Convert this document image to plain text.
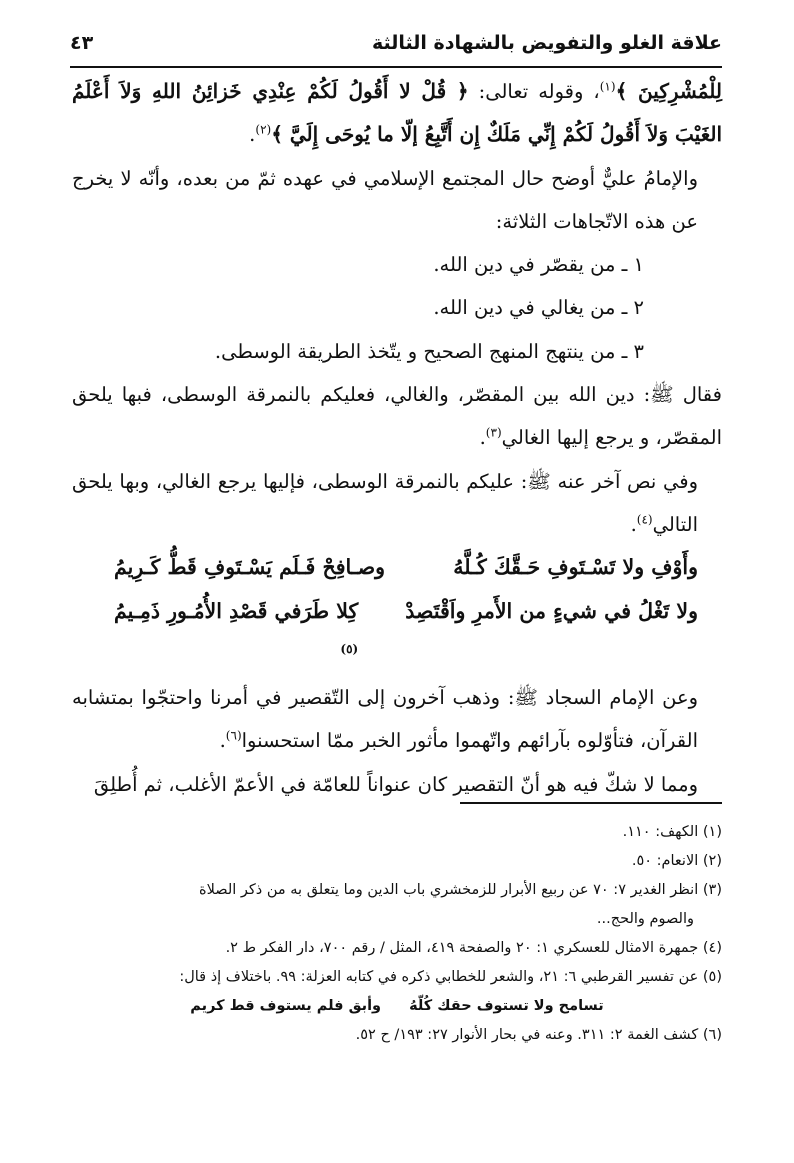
علاقة الغلو والتفويض بالشهادة الثالثة
٤٣

لِلْمُشْرِكِينَ ﴾$^{(١)}$، وقوله تعالى: ﴿ قُلْ لا أَقُولُ لَكُمْ عِنْدِي خَزائِنُ اللهِ وَلاَ أَعْلَمُ الغَيْبَ وَلاَ أَقُولُ لَكُمْ إِنِّي مَلَكٌ إِن أَتَّبِعُ إلّا ما يُوحَى إِلَيَّ ﴾$^{(٢)}$.

والإمامُ عليٌّ أوضح حال المجتمع الإسلامي في عهده ثمّ من بعده، وأنّه لا يخرج عن هذه الاتّجاهات الثلاثة:

١ ـ من يقصّر في دين الله.

٢ ـ من يغالي في دين الله.

٣ ـ من ينتهج المنهج الصحيح و يتّخذ الطريقة الوسطى.

فقال ﷺ: دين الله بين المقصّر، والغالي، فعليكم بالنمرقة الوسطى، فبها يلحق المقصّر، و يرجع إليها الغالي$^{(٣)}$.

وفي نص آخر عنه ﷺ: عليكم بالنمرقة الوسطى، فإليها يرجع الغالي، وبها يلحق التالي$^{(٤)}$.

وأَوْفِ ولا تَسْـتَوفِ حَـقَّكَ كُـلَّهُ
وصـافِحْ فَـلَم يَسْـتَوفِ قَطُّ كَـرِيمُ
ولا تَغْلُ في شيءٍ من الأَمرِ واَقْتَصِدْ
كِلا طَرَفي قَصْدِ الأُمُـورِ ذَمِـيمُ
$^{(٥)}$

وعن الإمام السجاد ﷺ: وذهب آخرون إلى التّقصير في أمرنا واحتجّوا بمتشابه القرآن، فتأوّلوه بآرائهم واتّهموا مأثور الخبر ممّا استحسنوا$^{(٦)}$.

ومما لا شكّ فيه هو أنّ التقصير كان عنواناً للعامّة في الأعمّ الأغلب، ثم أُطلِقَ

(١) الكهف: ١١٠.

(٢) الانعام: ٥٠.

(٣) انظر الغدير ٧: ٧٠ عن ربيع الأبرار للزمخشري باب الدين وما يتعلق به من ذكر الصلاة

والصوم والحج...

(٤) جمهرة الامثال للعسكري ١: ٢٠ والصفحة ٤١٩، المثل / رقم ٧٠٠، دار الفكر ط ٢.

(٥) عن تفسير القرطبي ٦: ٢١، والشعر للخطابي ذكره في كتابه العزلة: ٩٩. باختلاف إذ قال:

تسامح ولا تستوف حقك كُلّهُ
وأبق فلم يستوف قط كريم

(٦) كشف الغمة ٢: ٣١١. وعنه في بحار الأنوار ٢٧: ١٩٣/ ح ٥٢.
